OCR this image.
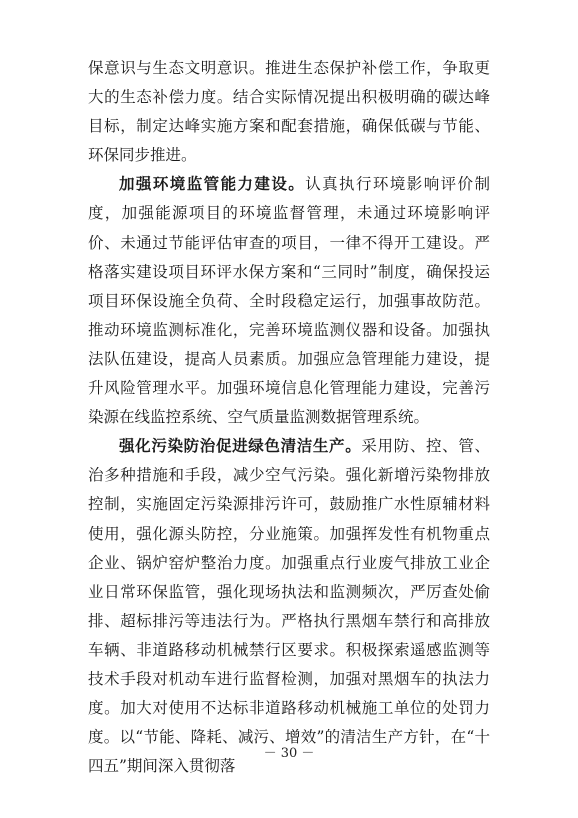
保意识与生态文明意识。推进生态保护补偿工作，争取更大的生态补偿力度。结合实际情况提出积极明确的碳达峰目标，制定达峰实施方案和配套措施，确保低碳与节能、环保同步推进。

加强环境监管能力建设。认真执行环境影响评价制度，加强能源项目的环境监督管理，未通过环境影响评价、未通过节能评估审查的项目，一律不得开工建设。严格落实建设项目环评水保方案和“三同时”制度，确保投运项目环保设施全负荷、全时段稳定运行，加强事故防范。推动环境监测标准化，完善环境监测仪器和设备。加强执法队伍建设，提高人员素质。加强应急管理能力建设，提升风险管理水平。加强环境信息化管理能力建设，完善污染源在线监控系统、空气质量监测数据管理系统。

强化污染防治促进绿色清洁生产。采用防、控、管、治多种措施和手段，减少空气污染。强化新增污染物排放控制，实施固定污染源排污许可，鼓励推广水性原辅材料使用，强化源头防控，分业施策。加强挥发性有机物重点企业、锅炉窑炉整治力度。加强重点行业废气排放工业企业日常环保监管，强化现场执法和监测频次，严厉查处偷排、超标排污等违法行为。严格执行黑烟车禁行和高排放车辆、非道路移动机械禁行区要求。积极探索遥感监测等技术手段对机动车进行监督检测，加强对黑烟车的执法力度。加大对使用不达标非道路移动机械施工单位的处罚力度。以“节能、降耗、减污、增效”的清洁生产方针，在“十四五”期间深入贯彻落

－ 30 －
